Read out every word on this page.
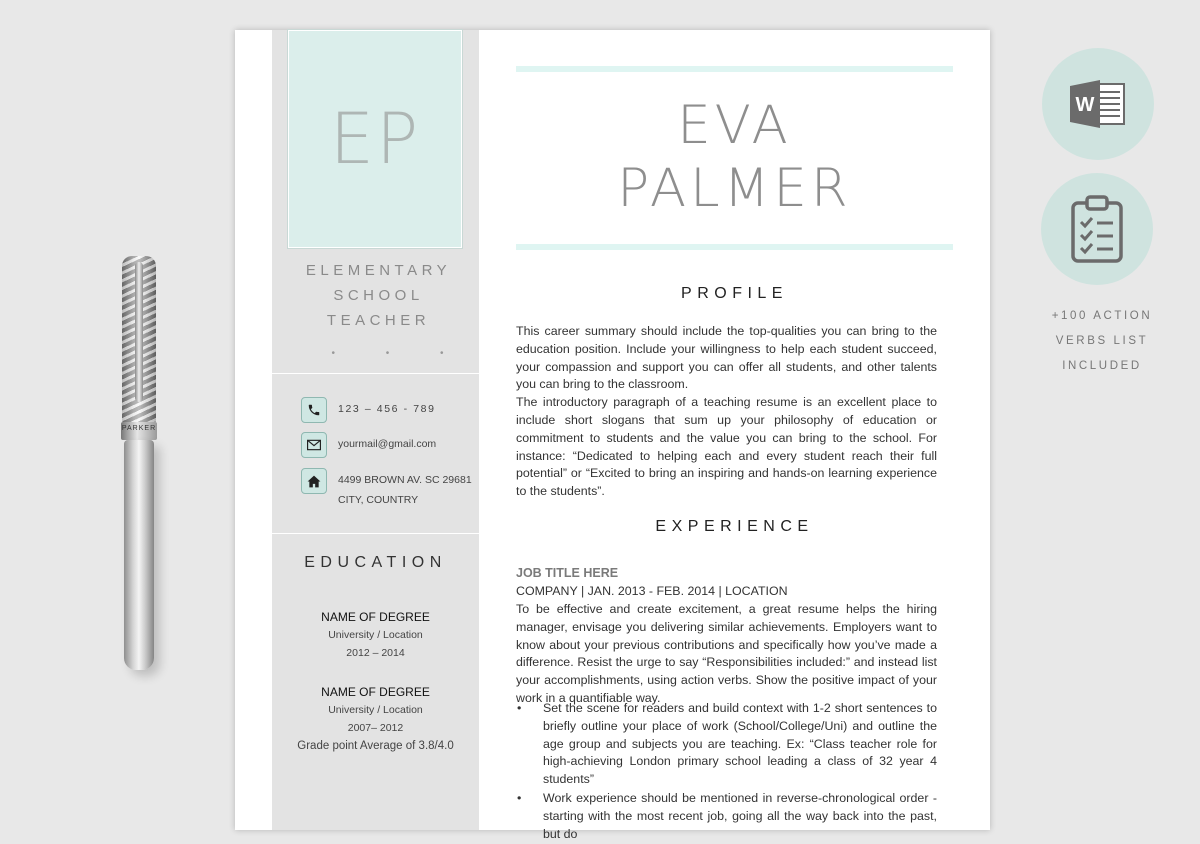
PARKER
EP
ELEMENTARY
SCHOOL
TEACHER
• • •
123 – 456 - 789
yourmail@gmail.com
4499 BROWN AV. SC 29681
CITY, COUNTRY
EDUCATION
NAME OF DEGREE
University / Location
2012 – 2014
NAME OF DEGREE
University / Location
2007– 2012
Grade point Average of 3.8/4.0
EVA
PALMER
PROFILE

This career summary should include the top-qualities you can bring to the education position. Include your willingness to help each student succeed, your compassion and support you can offer all students, and other talents you can bring to the classroom.

The introductory paragraph of a teaching resume is an excellent place to include short slogans that sum up your philosophy of education or commitment to students and the value you can bring to the school. For instance: “Dedicated to helping each and every student reach their full potential” or “Excited to bring an inspiring and hands-on learning experience to the students”.

EXPERIENCE
JOB TITLE HERE
COMPANY | JAN. 2013 - FEB. 2014 | LOCATION
To be effective and create excitement, a great resume helps the hiring manager, envisage you delivering similar achievements. Employers want to know about your previous contributions and specifically how you’ve made a difference. Resist the urge to say “Responsibilities included:” and instead list your accomplishments, using action verbs. Show the positive impact of your work in a quantifiable way.
• Set the scene for readers and build context with 1-2 short sentences to briefly outline your place of work (School/College/Uni) and outline the age group and subjects you are teaching. Ex: “Class teacher role for high-achieving London primary school leading a class of 32 year 4 students”
• Work experience should be mentioned in reverse-chronological order - starting with the most recent job, going all the way back into the past, but do
W
+100 ACTION
VERBS LIST
INCLUDED
